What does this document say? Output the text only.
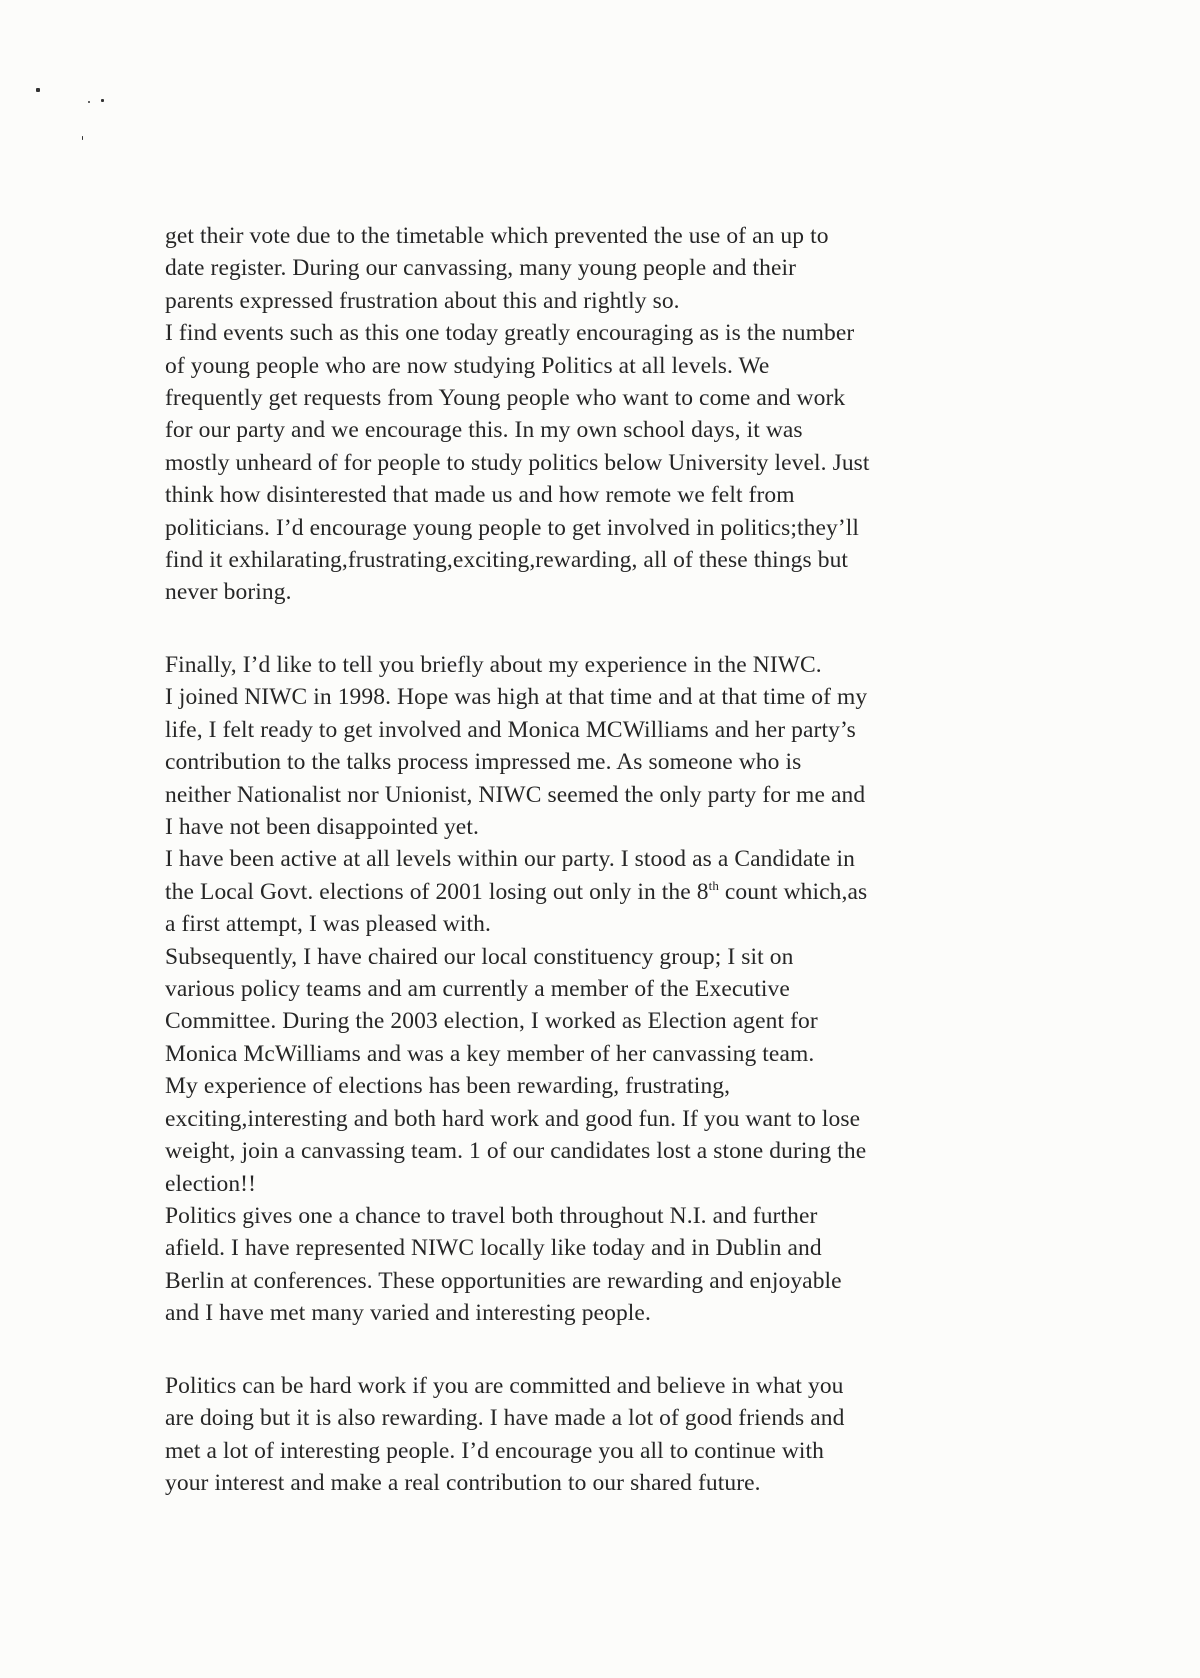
get their vote due to the timetable which prevented the use of an up to
date register. During our canvassing, many young people and their
parents expressed frustration about this and rightly so.
I find events such as this one today greatly encouraging as is the number
of young people who are now studying Politics at all levels. We
frequently get requests from Young people who want to come and work
for our party and we encourage this. In my own school days, it was
mostly unheard of for people to study politics below University level. Just
think how disinterested that made us and how remote we felt from
politicians. I’d encourage young people to get involved in politics;they’ll
find it exhilarating,frustrating,exciting,rewarding, all of these things but
never boring.
Finally, I’d like to tell you briefly about my experience in the NIWC.
I joined NIWC in 1998. Hope was high at that time and at that time of my
life, I felt ready to get involved and Monica MCWilliams and her party’s
contribution to the talks process impressed me. As someone who is
neither Nationalist nor Unionist, NIWC seemed the only party for me and
I have not been disappointed yet.
I have been active at all levels within our party. I stood as a Candidate in
the Local Govt. elections of 2001 losing out only in the 8th count which,as
a first attempt, I was pleased with.
Subsequently, I have chaired our local constituency group; I sit on
various policy teams and am currently a member of the Executive
Committee. During the 2003 election, I worked as Election agent for
Monica McWilliams and was a key member of her canvassing team.
My experience of elections has been rewarding, frustrating,
exciting,interesting and both hard work and good fun. If you want to lose
weight, join a canvassing team. 1 of our candidates lost a stone during the
election!!
Politics gives one a chance to travel both throughout N.I. and further
afield. I have represented NIWC locally like today and in Dublin and
Berlin at conferences. These opportunities are rewarding and enjoyable
and I have met many varied and interesting people.
Politics can be hard work if you are committed and believe in what you
are doing but it is also rewarding. I have made a lot of good friends and
met a lot of interesting people. I’d encourage you all to continue with
your interest and make a real contribution to our shared future.
